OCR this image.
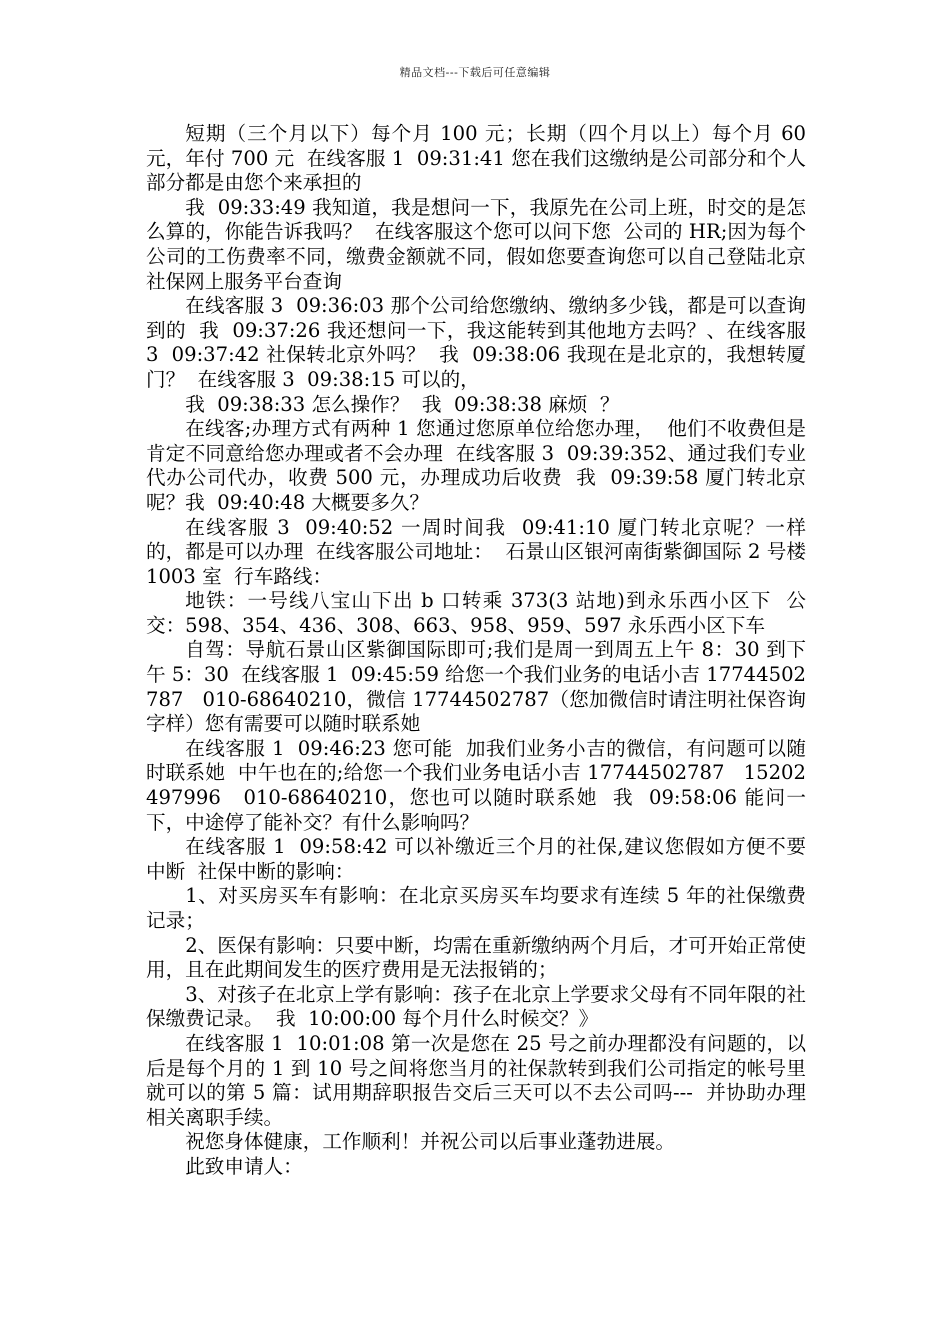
精品文档---下载后可任意编辑

短期（三个月以下）每个月 100 元；长期（四个月以上）每个月 60 元，年付 700 元  在线客服 1  09:31:41 您在我们这缴纳是公司部分和个人部分都是由您个来承担的

我  09:33:49 我知道，我是想问一下，我原先在公司上班，时交的是怎么算的，你能告诉我吗？  在线客服这个您可以问下您  公司的 HR;因为每个公司的工伤费率不同，缴费金额就不同，假如您要查询您可以自己登陆北京社保网上服务平台查询

在线客服 3  09:36:03 那个公司给您缴纳、缴纳多少钱，都是可以查询到的  我  09:37:26 我还想问一下，我这能转到其他地方去吗？、在线客服 3  09:37:42 社保转北京外吗？  我  09:38:06 我现在是北京的，我想转厦门？  在线客服 3  09:38:15 可以的，

我  09:38:33 怎么操作？  我  09:38:38 麻烦  ？

在线客;办理方式有两种 1 您通过您原单位给您办理，  他们不收费但是肯定不同意给您办理或者不会办理  在线客服 3  09:39:352、通过我们专业代办公司代办，收费 500 元，办理成功后收费  我  09:39:58 厦门转北京呢？我  09:40:48 大概要多久？

在线客服 3  09:40:52 一周时间我  09:41:10 厦门转北京呢？一样的，都是可以办理  在线客服公司地址：  石景山区银河南街紫御国际 2 号楼 1003 室  行车路线：

地铁：一号线八宝山下出 b 口转乘 373(3 站地)到永乐西小区下  公交：598、354、436、308、663、958、959、597 永乐西小区下车

自驾：导航石景山区紫御国际即可;我们是周一到周五上午 8：30 到下午 5：30  在线客服 1  09:45:59 给您一个我们业务的电话小吉 17744502787   010-68640210，微信 17744502787（您加微信时请注明社保咨询字样）您有需要可以随时联系她

在线客服 1  09:46:23 您可能  加我们业务小吉的微信，有问题可以随时联系她  中午也在的;给您一个我们业务电话小吉 17744502787   15202497996   010-68640210，您也可以随时联系她  我  09:58:06 能问一下，中途停了能补交？有什么影响吗？

在线客服 1  09:58:42 可以补缴近三个月的社保,建议您假如方便不要中断  社保中断的影响：

1、对买房买车有影响：在北京买房买车均要求有连续 5 年的社保缴费记录；

2、医保有影响：只要中断，均需在重新缴纳两个月后，才可开始正常使用，且在此期间发生的医疗费用是无法报销的；

3、对孩子在北京上学有影响：孩子在北京上学要求父母有不同年限的社保缴费记录。  我  10:00:00 每个月什么时候交？》

在线客服 1  10:01:08 第一次是您在 25 号之前办理都没有问题的，以后是每个月的 1 到 10 号之间将您当月的社保款转到我们公司指定的帐号里就可以的第 5 篇：试用期辞职报告交后三天可以不去公司吗---  并协助办理相关离职手续。

祝您身体健康，工作顺利！并祝公司以后事业蓬勃进展。

此致申请人：
